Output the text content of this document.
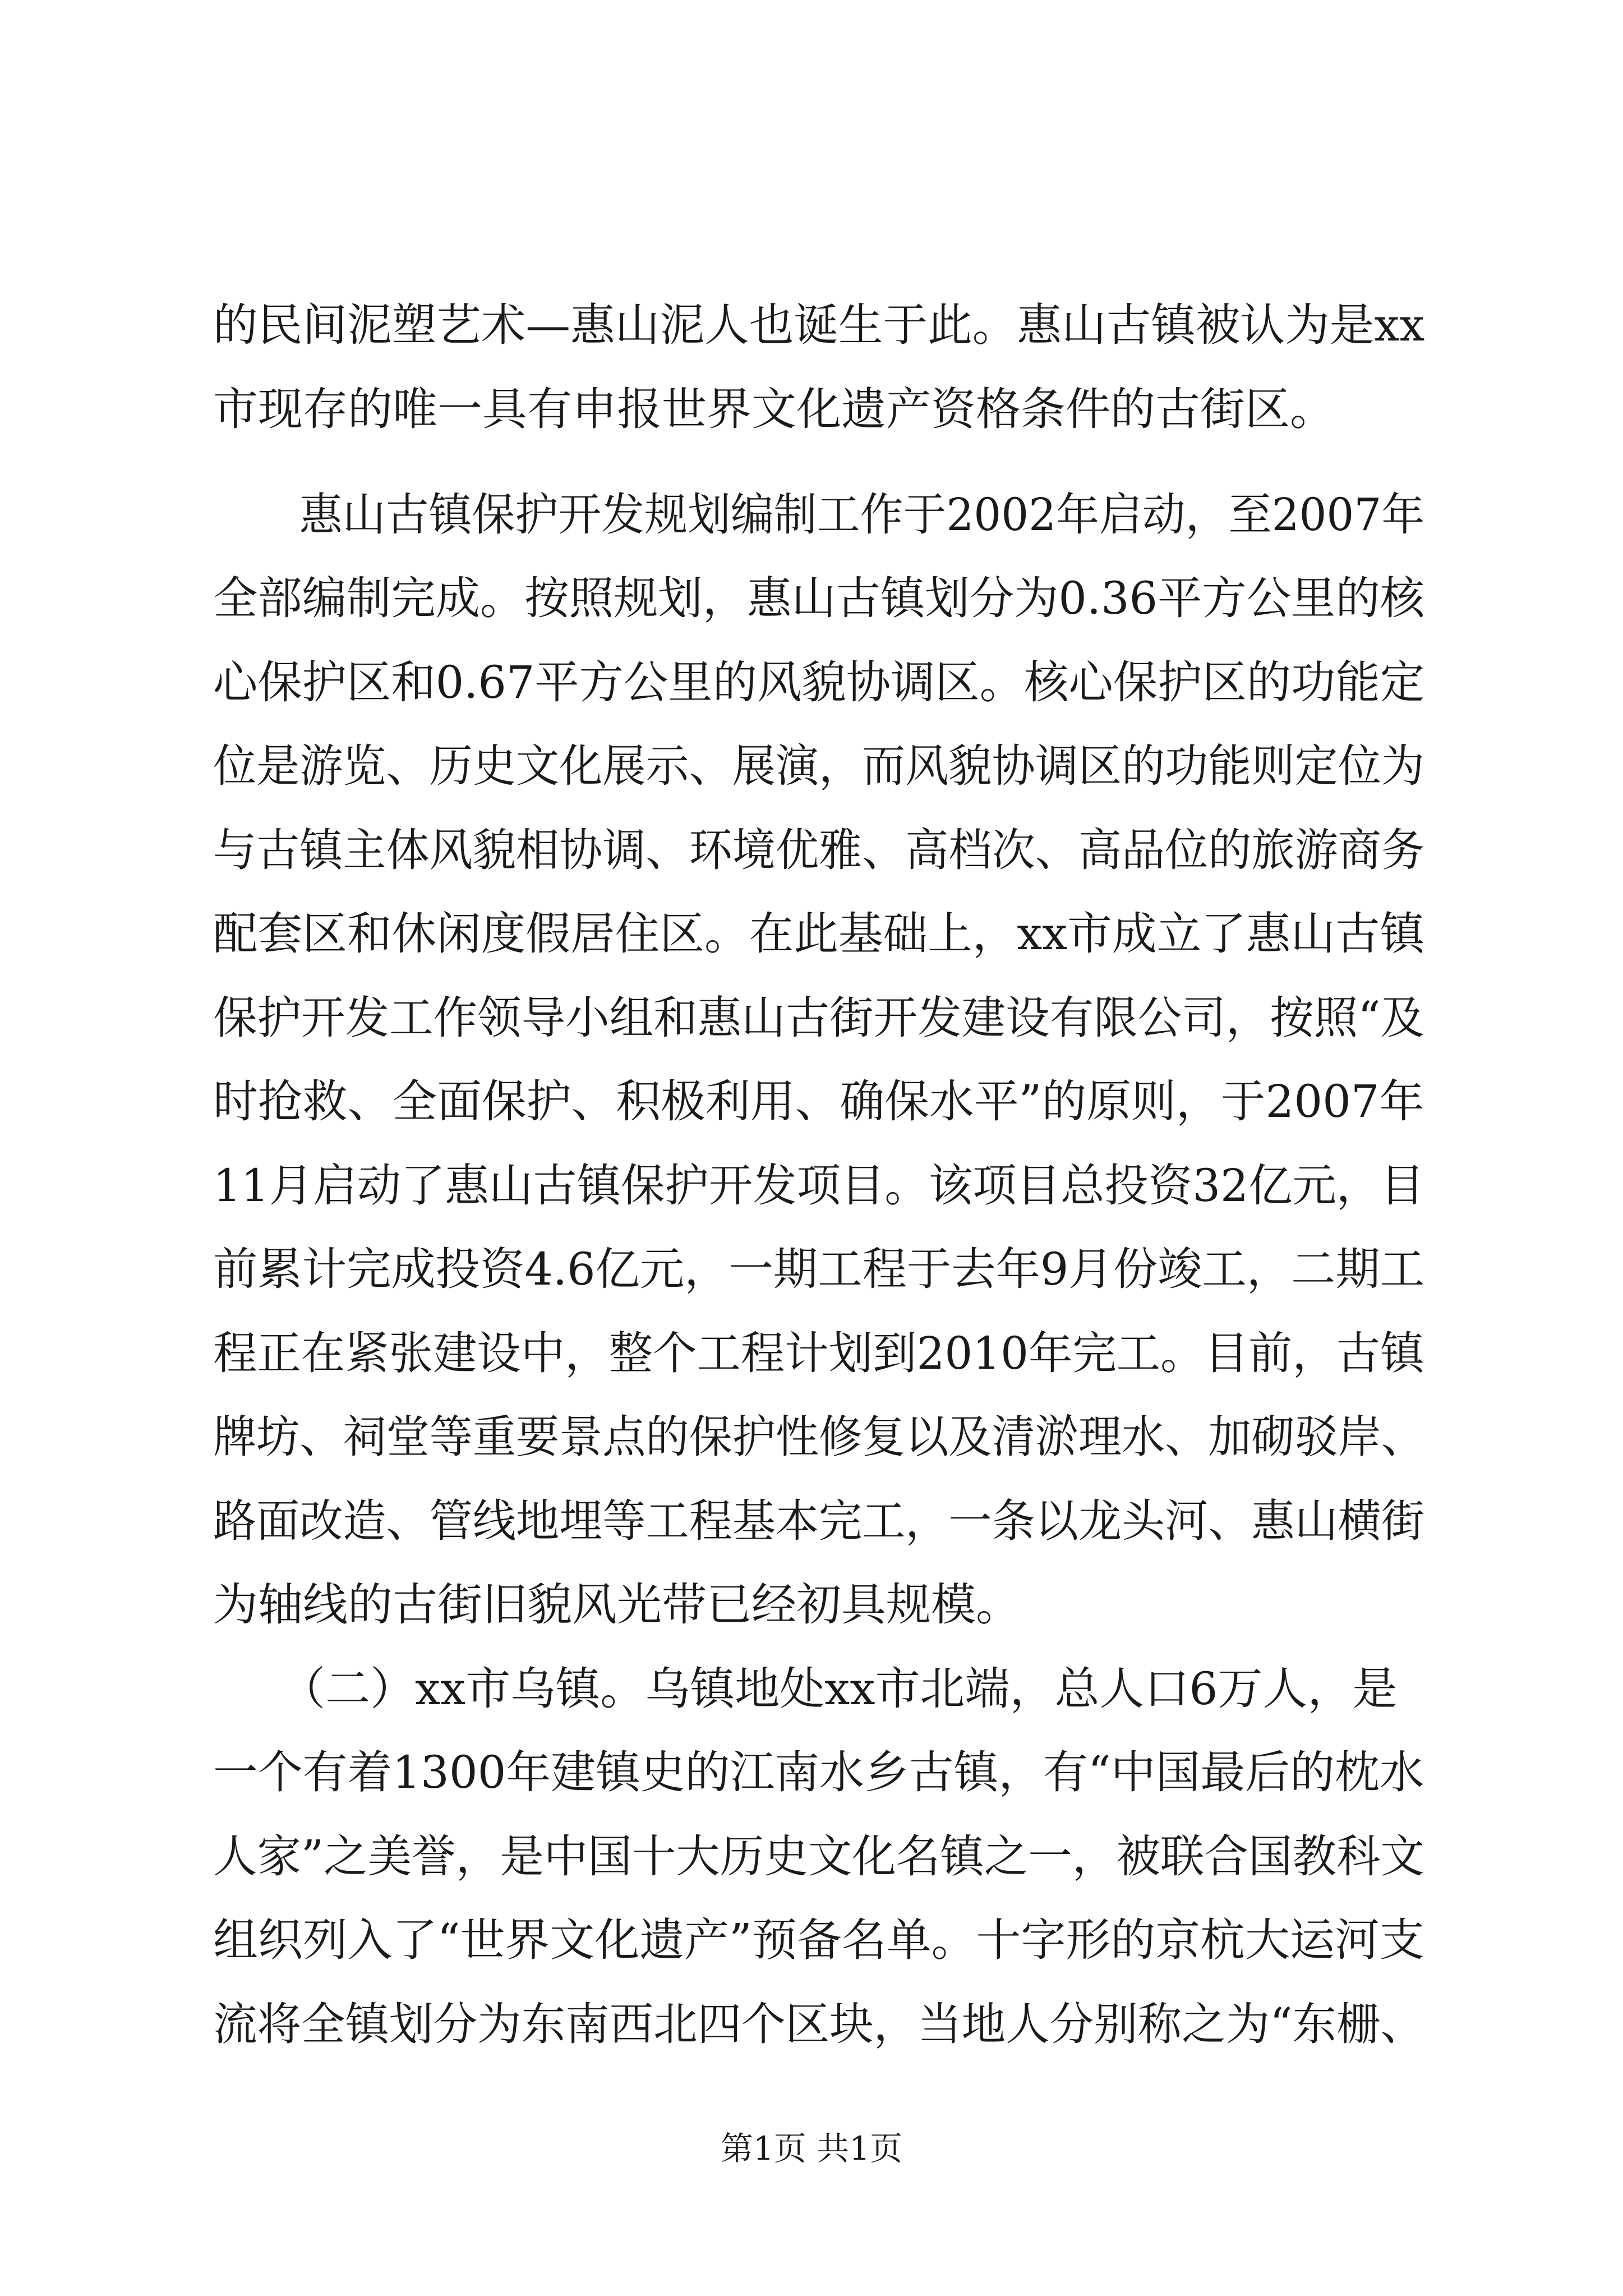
的民间泥塑艺术—惠山泥人也诞生于此。惠山古镇被认为是xx
市现存的唯一具有申报世界文化遗产资格条件的古街区。
　　惠山古镇保护开发规划编制工作于2002年启动，至2007年
全部编制完成。按照规划，惠山古镇划分为0.36平方公里的核
心保护区和0.67平方公里的风貌协调区。核心保护区的功能定
位是游览、历史文化展示、展演，而风貌协调区的功能则定位为
与古镇主体风貌相协调、环境优雅、高档次、高品位的旅游商务
配套区和休闲度假居住区。在此基础上，xx市成立了惠山古镇
保护开发工作领导小组和惠山古街开发建设有限公司，按照“及
时抢救、全面保护、积极利用、确保水平”的原则，于2007年
11月启动了惠山古镇保护开发项目。该项目总投资32亿元，目
前累计完成投资4.6亿元，一期工程于去年9月份竣工，二期工
程正在紧张建设中，整个工程计划到2010年完工。目前，古镇
牌坊、祠堂等重要景点的保护性修复以及清淤理水、加砌驳岸、
路面改造、管线地埋等工程基本完工，一条以龙头河、惠山横街
为轴线的古街旧貌风光带已经初具规模。
　　（二）xx市乌镇。乌镇地处xx市北端，总人口6万人，是
一个有着1300年建镇史的江南水乡古镇，有“中国最后的枕水
人家”之美誉，是中国十大历史文化名镇之一，被联合国教科文
组织列入了“世界文化遗产”预备名单。十字形的京杭大运河支
流将全镇划分为东南西北四个区块，当地人分别称之为“东栅、
第1页 共1页
